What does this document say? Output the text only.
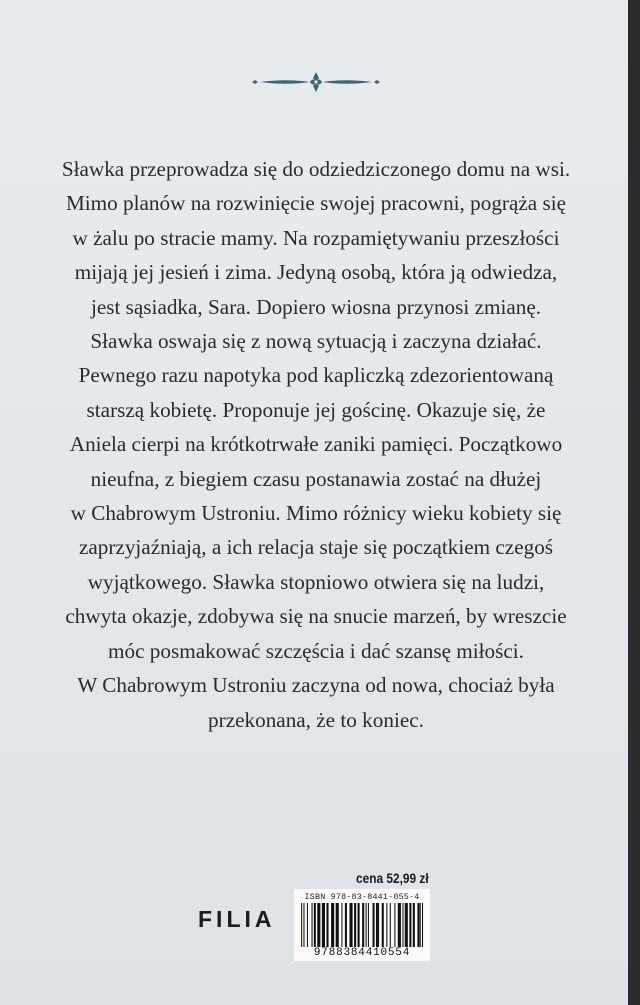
Sławka przeprowadza się do odziedziczonego domu na wsi.
Mimo planów na rozwinięcie swojej pracowni, pogrąża się
w żalu po stracie mamy. Na rozpamiętywaniu przeszłości
mijają jej jesień i zima. Jedyną osobą, która ją odwiedza,
jest sąsiadka, Sara. Dopiero wiosna przynosi zmianę.
Sławka oswaja się z nową sytuacją i zaczyna działać.
Pewnego razu napotyka pod kapliczką zdezorientowaną
starszą kobietę. Proponuje jej gościnę. Okazuje się, że
Aniela cierpi na krótkotrwałe zaniki pamięci. Początkowo
nieufna, z biegiem czasu postanawia zostać na dłużej
w Chabrowym Ustroniu. Mimo różnicy wieku kobiety się
zaprzyjaźniają, a ich relacja staje się początkiem czegoś
wyjątkowego. Sławka stopniowo otwiera się na ludzi,
chwyta okazje, zdobywa się na snucie marzeń, by wreszcie
móc posmakować szczęścia i dać szansę miłości.
W Chabrowym Ustroniu zaczyna od nowa, chociaż była
przekonana, że to koniec.
FILIA
cena 52,99 zł
ISBN 978-83-8441-055-4
9788384410554
